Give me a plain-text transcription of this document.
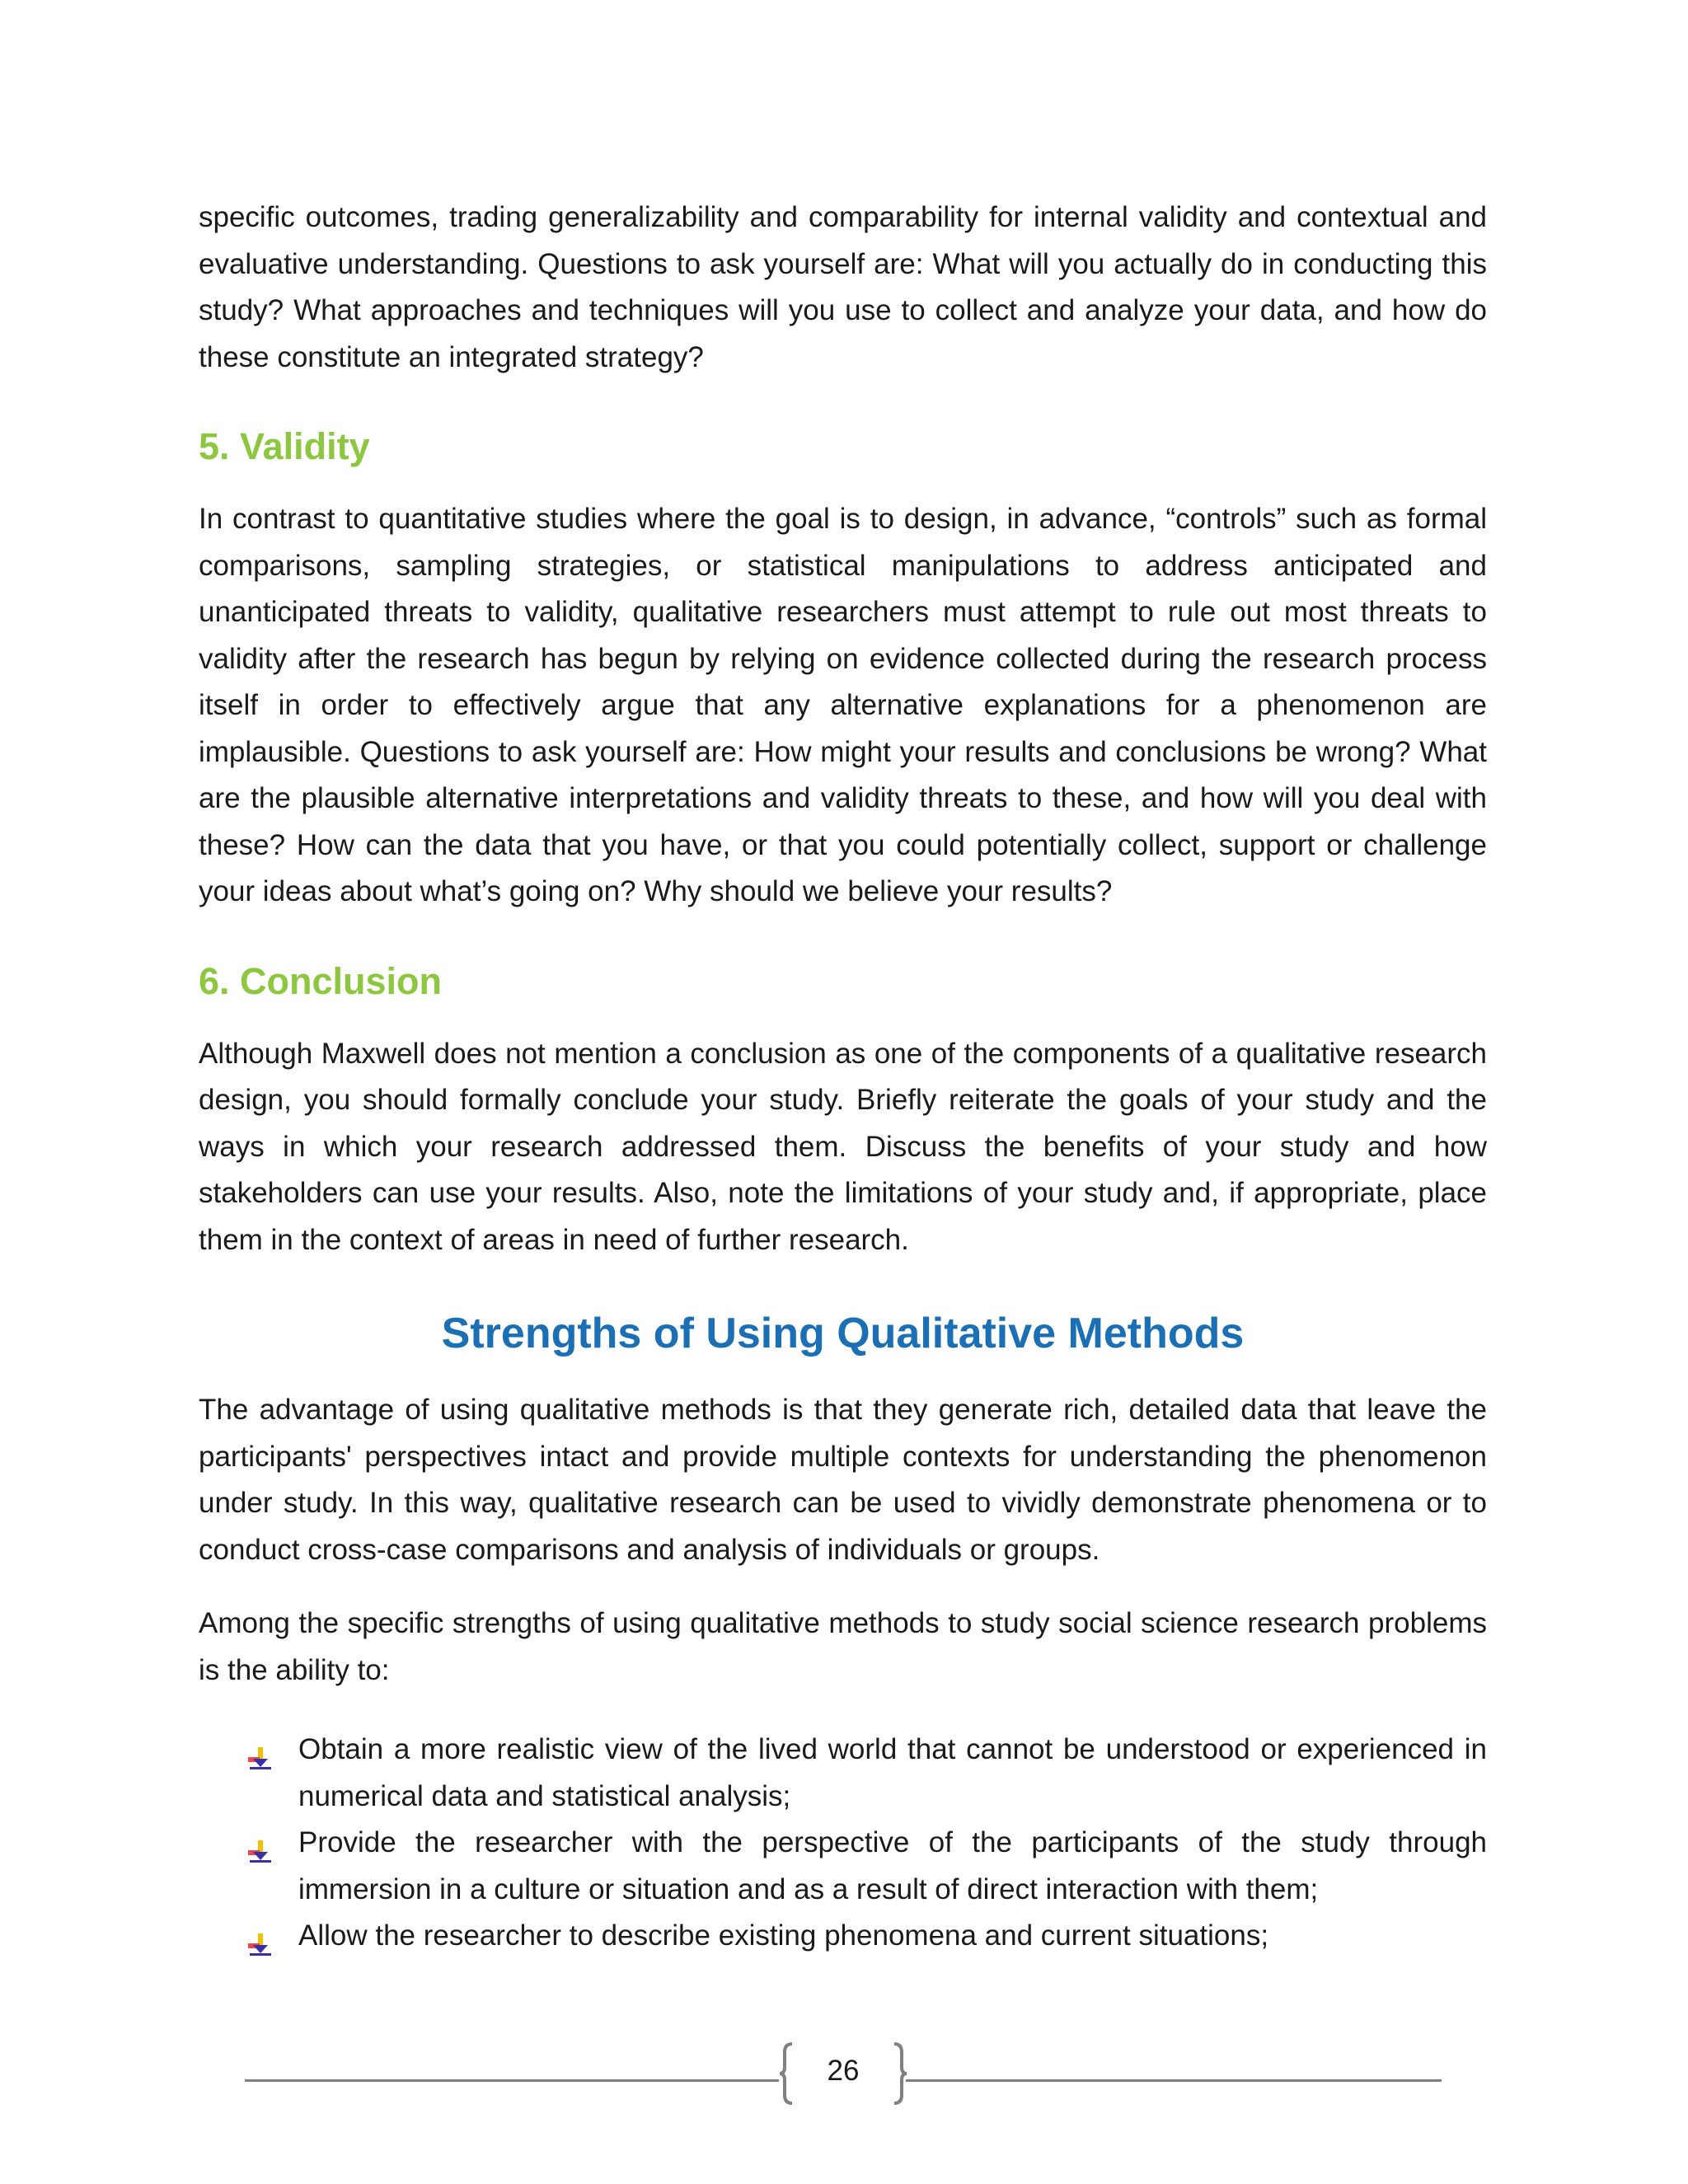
specific outcomes, trading generalizability and comparability for internal validity and contextual and evaluative understanding. Questions to ask yourself are: What will you actually do in conducting this study? What approaches and techniques will you use to collect and analyze your data, and how do these constitute an integrated strategy?

5. Validity

In contrast to quantitative studies where the goal is to design, in advance, “controls” such as formal comparisons, sampling strategies, or statistical manipulations to address anticipated and unanticipated threats to validity, qualitative researchers must attempt to rule out most threats to validity after the research has begun by relying on evidence collected during the research process itself in order to effectively argue that any alternative explanations for a phenomenon are implausible. Questions to ask yourself are: How might your results and conclusions be wrong? What are the plausible alternative interpretations and validity threats to these, and how will you deal with these? How can the data that you have, or that you could potentially collect, support or challenge your ideas about what’s going on? Why should we believe your results?

6. Conclusion

Although Maxwell does not mention a conclusion as one of the components of a qualitative research design, you should formally conclude your study. Briefly reiterate the goals of your study and the ways in which your research addressed them. Discuss the benefits of your study and how stakeholders can use your results. Also, note the limitations of your study and, if appropriate, place them in the context of areas in need of further research.

Strengths of Using Qualitative Methods

The advantage of using qualitative methods is that they generate rich, detailed data that leave the participants' perspectives intact and provide multiple contexts for understanding the phenomenon under study. In this way, qualitative research can be used to vividly demonstrate phenomena or to conduct cross-case comparisons and analysis of individuals or groups.

Among the specific strengths of using qualitative methods to study social science research problems is the ability to:

Obtain a more realistic view of the lived world that cannot be understood or experienced in numerical data and statistical analysis;
Provide the researcher with the perspective of the participants of the study through immersion in a culture or situation and as a result of direct interaction with them;
Allow the researcher to describe existing phenomena and current situations;
26
